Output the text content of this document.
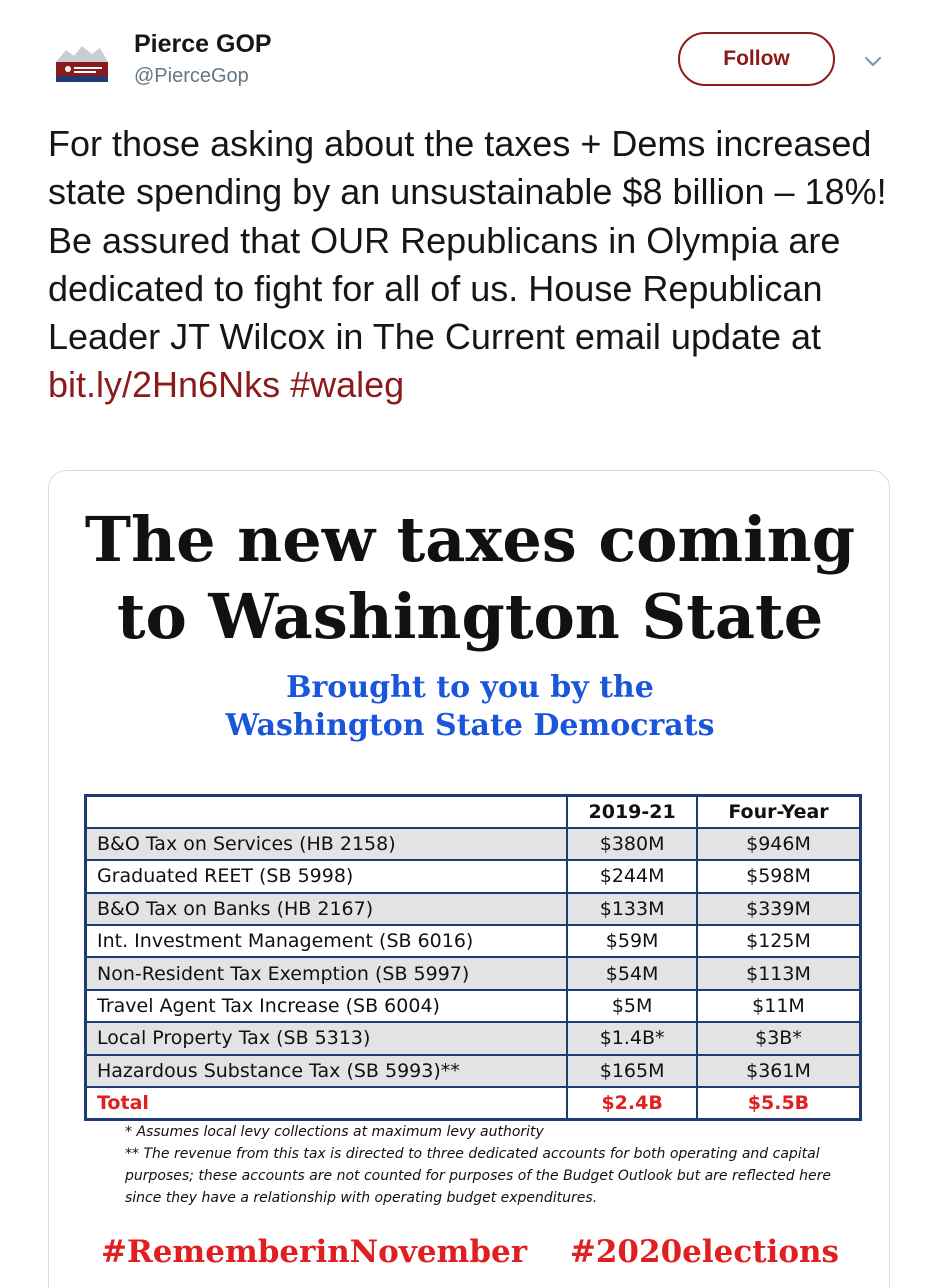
Pierce GOP
@PierceGop
Follow
For those asking about the taxes + Dems increased state spending by an unsustainable $8 billion – 18%! Be assured that OUR Republicans in Olympia are dedicated to fight for all of us. House Republican Leader JT Wilcox in The Current email update at bit.ly/2Hn6Nks #waleg
The new taxes coming
to Washington State
Brought to you by the
Washington State Democrats
	2019-21	Four-Year
B&O Tax on Services (HB 2158)	$380M	$946M
Graduated REET (SB 5998)	$244M	$598M
B&O Tax on Banks (HB 2167)	$133M	$339M
Int. Investment Management (SB 6016)	$59M	$125M
Non-Resident Tax Exemption (SB 5997)	$54M	$113M
Travel Agent Tax Increase (SB 6004)	$5M	$11M
Local Property Tax (SB 5313)	$1.4B*	$3B*
Hazardous Substance Tax (SB 5993)**	$165M	$361M
Total	$2.4B	$5.5B
* Assumes local levy collections at maximum levy authority
** The revenue from this tax is directed to three dedicated accounts for both operating and capital purposes; these accounts are not counted for purposes of the Budget Outlook but are reflected here since they have a relationship with operating budget expenditures.
#RememberinNovember #2020elections
